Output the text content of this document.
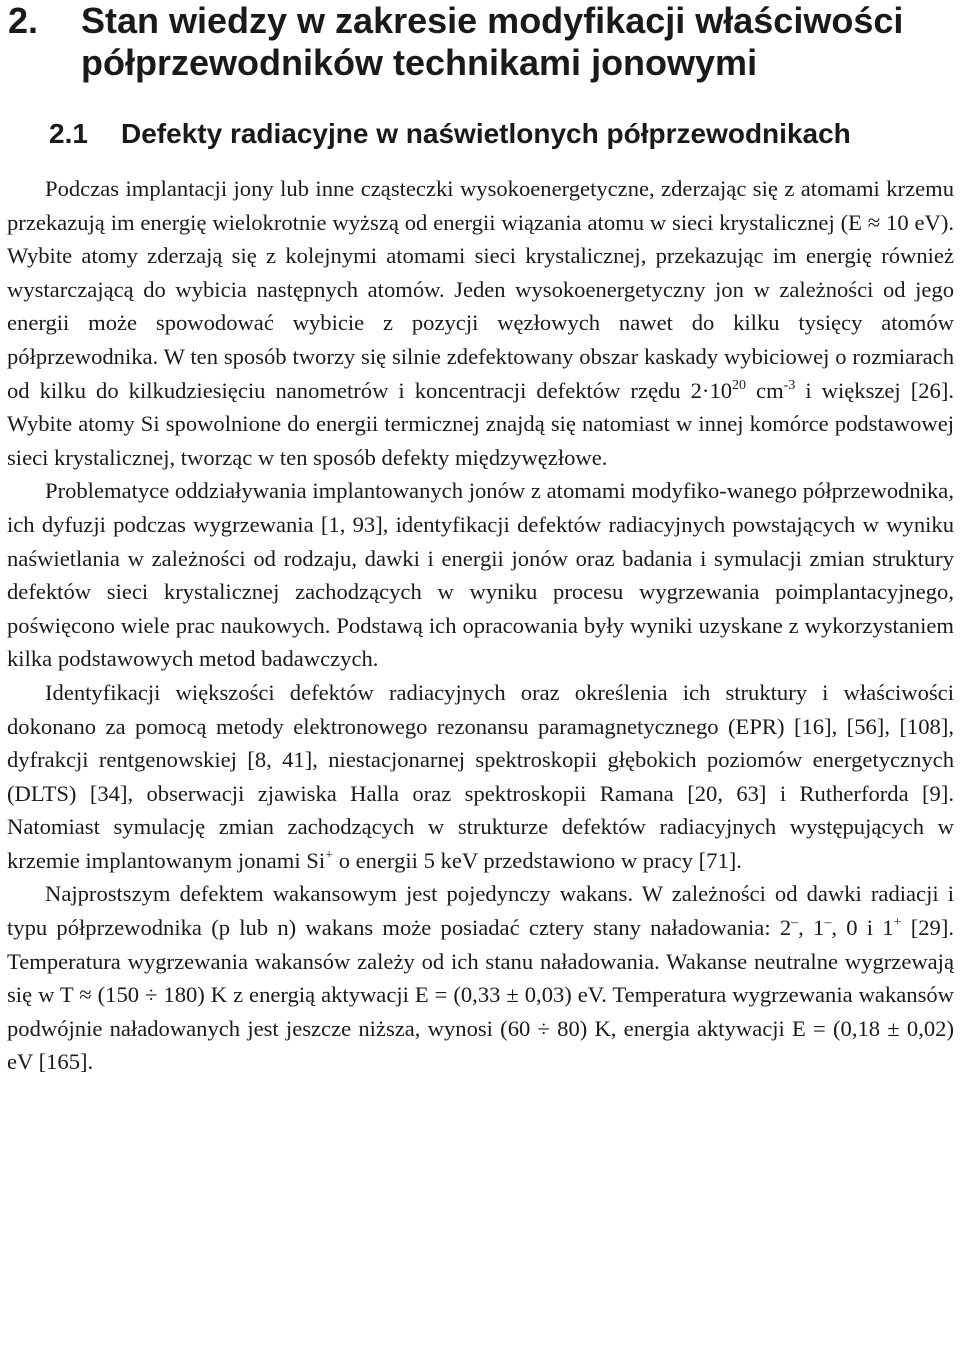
2. Stan wiedzy w zakresie modyfikacji właściwości półprzewodników technikami jonowymi
2.1 Defekty radiacyjne w naświetlonych półprzewodnikach

Podczas implantacji jony lub inne cząsteczki wysokoenergetyczne, zderzając się z atomami krzemu przekazują im energię wielokrotnie wyższą od energii wiązania atomu w sieci krystalicznej (E ≈ 10 eV). Wybite atomy zderzają się z kolejnymi atomami sieci krystalicznej, przekazując im energię również wystarczającą do wybicia następnych atomów. Jeden wysokoenergetyczny jon w zależności od jego energii może spowodować wybicie z pozycji węzłowych nawet do kilku tysięcy atomów półprzewodnika. W ten sposób tworzy się silnie zdefektowany obszar kaskady wybiciowej o rozmiarach od kilku do kilkudziesięciu nanometrów i koncentracji defektów rzędu $2\cdot 10^{20}$ $cm^{-3}$ i większej [26]. Wybite atomy Si spowolnione do energii termicznej znajdą się natomiast w innej komórce podstawowej sieci krystalicznej, tworząc w ten sposób defekty międzywęzłowe.

Problematyce oddziaływania implantowanych jonów z atomami modyfiko-wanego półprzewodnika, ich dyfuzji podczas wygrzewania [1, 93], identyfikacji defektów radiacyjnych powstających w wyniku naświetlania w zależności od rodzaju, dawki i energii jonów oraz badania i symulacji zmian struktury defektów sieci krystalicznej zachodzących w wyniku procesu wygrzewania poimplantacyjnego, poświęcono wiele prac naukowych. Podstawą ich opracowania były wyniki uzyskane z wykorzystaniem kilka podstawowych metod badawczych.

Identyfikacji większości defektów radiacyjnych oraz określenia ich struktury i właściwości dokonano za pomocą metody elektronowego rezonansu paramagnetycznego (EPR) [16], [56], [108], dyfrakcji rentgenowskiej [8, 41], niestacjonarnej spektroskopii głębokich poziomów energetycznych (DLTS) [34], obserwacji zjawiska Halla oraz spektroskopii Ramana [20, 63] i Rutherforda [9]. Natomiast symulację zmian zachodzących w strukturze defektów radiacyjnych występujących w krzemie implantowanym jonami Si+ o energii 5 keV przedstawiono w pracy [71].

Najprostszym defektem wakansowym jest pojedynczy wakans. W zależności od dawki radiacji i typu półprzewodnika (p lub n) wakans może posiadać cztery stany naładowania: 2–, 1–, 0 i 1+ [29]. Temperatura wygrzewania wakansów zależy od ich stanu naładowania. Wakanse neutralne wygrzewają się w T ≈ (150 ÷ 180) K z energią aktywacji E = (0,33 ± 0,03) eV. Temperatura wygrzewania wakansów podwójnie naładowanych jest jeszcze niższa, wynosi (60 ÷ 80) K, energia aktywacji E = (0,18 ± 0,02) eV [165].
